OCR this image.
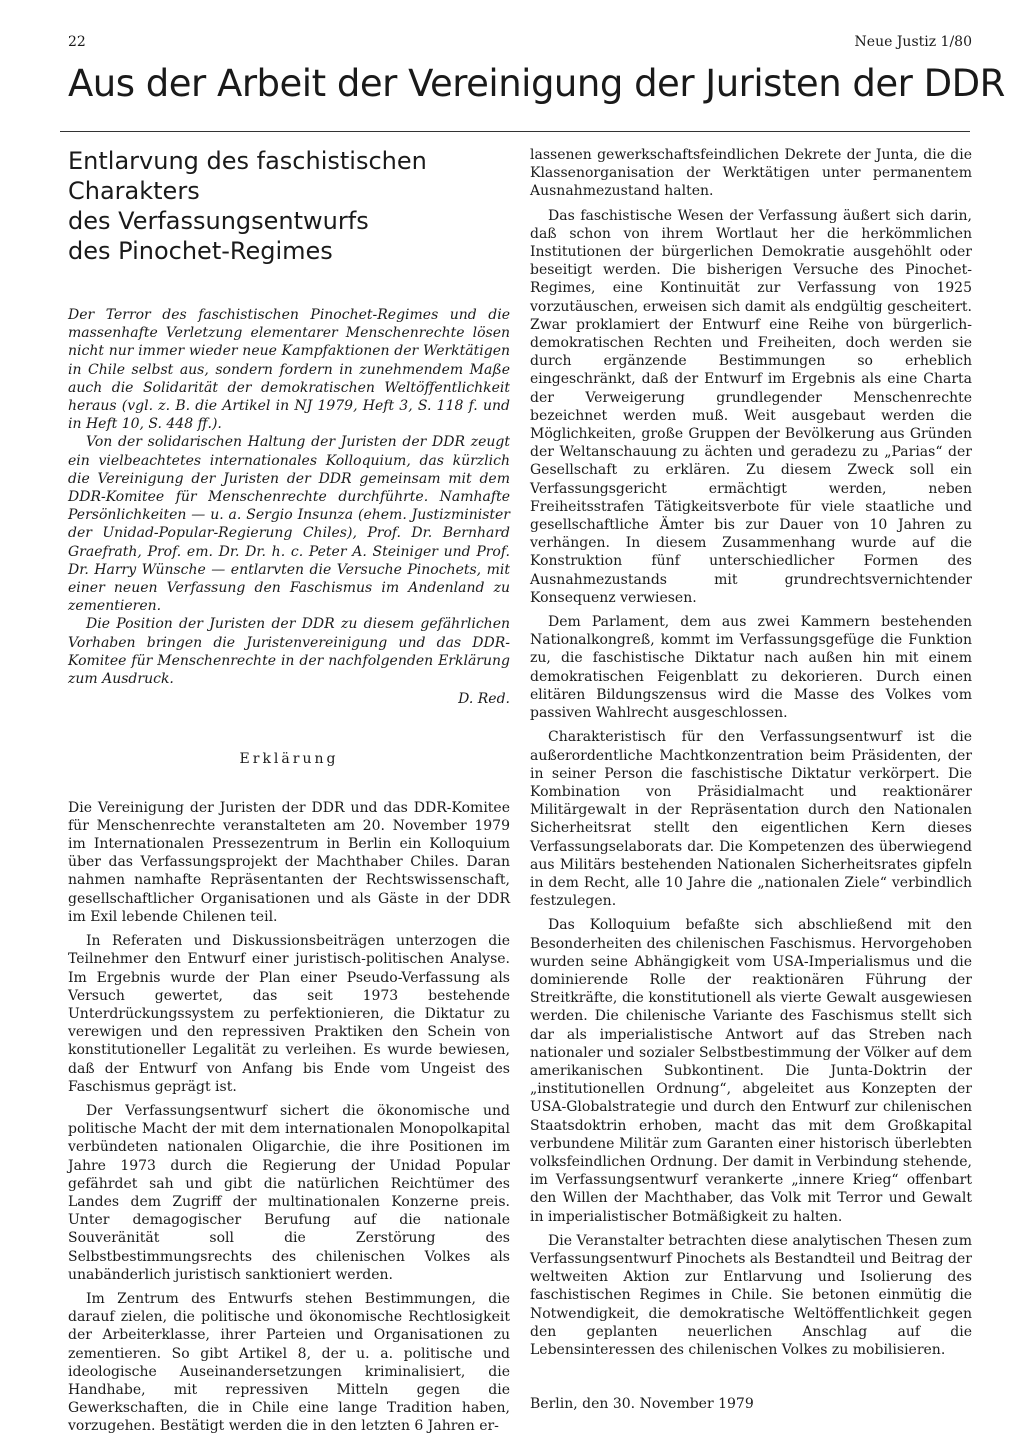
22	Neue Justiz 1/80
Aus der Arbeit der Vereinigung der Juristen der DDR
Entlarvung des faschistischen Charakters
des Verfassungsentwurfs
des Pinochet-Regimes

Der Terror des faschistischen Pinochet-Regimes und die massenhafte Verletzung elementarer Menschenrechte lösen nicht nur immer wieder neue Kampfaktionen der Werktätigen in Chile selbst aus, sondern fordern in zunehmendem Maße auch die Solidarität der demokratischen Weltöffentlichkeit heraus (vgl. z. B. die Artikel in NJ 1979, Heft 3, S. 118 f. und in Heft 10, S. 448 ff.).

Von der solidarischen Haltung der Juristen der DDR zeugt ein vielbeachtetes internationales Kolloquium, das kürzlich die Vereinigung der Juristen der DDR gemeinsam mit dem DDR-Komitee für Menschenrechte durchführte. Namhafte Persönlichkeiten — u. a. Sergio Insunza (ehem. Justizminister der Unidad-Popular-Regierung Chiles), Prof. Dr. Bernhard Graefrath, Prof. em. Dr. Dr. h. c. Peter A. Steiniger und Prof. Dr. Harry Wünsche — entlarvten die Versuche Pinochets, mit einer neuen Verfassung den Faschismus im Andenland zu zementieren.

Die Position der Juristen der DDR zu diesem gefährlichen Vorhaben bringen die Juristenvereinigung und das DDR-Komitee für Menschenrechte in der nachfolgenden Erklärung zum Ausdruck.

D. Red.

Erklärung

Die Vereinigung der Juristen der DDR und das DDR-Komitee für Menschenrechte veranstalteten am 20. November 1979 im Internationalen Pressezentrum in Berlin ein Kolloquium über das Verfassungsprojekt der Machthaber Chiles. Daran nahmen namhafte Repräsentanten der Rechtswissenschaft, gesellschaftlicher Organisationen und als Gäste in der DDR im Exil lebende Chilenen teil.

In Referaten und Diskussionsbeiträgen unterzogen die Teilnehmer den Entwurf einer juristisch-politischen Analyse. Im Ergebnis wurde der Plan einer Pseudo-Verfassung als Versuch gewertet, das seit 1973 bestehende Unterdrückungssystem zu perfektionieren, die Diktatur zu verewigen und den repressiven Praktiken den Schein von konstitutioneller Legalität zu verleihen. Es wurde bewiesen, daß der Entwurf von Anfang bis Ende vom Ungeist des Faschismus geprägt ist.

Der Verfassungsentwurf sichert die ökonomische und politische Macht der mit dem internationalen Monopolkapital verbündeten nationalen Oligarchie, die ihre Positionen im Jahre 1973 durch die Regierung der Unidad Popular gefährdet sah und gibt die natürlichen Reichtümer des Landes dem Zugriff der multinationalen Konzerne preis. Unter demagogischer Berufung auf die nationale Souveränität soll die Zerstörung des Selbstbestimmungsrechts des chilenischen Volkes als unabänderlich juristisch sanktioniert werden.

Im Zentrum des Entwurfs stehen Bestimmungen, die darauf zielen, die politische und ökonomische Rechtlosigkeit der Arbeiterklasse, ihrer Parteien und Organisationen zu zementieren. So gibt Artikel 8, der u. a. politische und ideologische Auseinandersetzungen kriminalisiert, die Handhabe, mit repressiven Mitteln gegen die Gewerkschaften, die in Chile eine lange Tradition haben, vorzugehen. Bestätigt werden die in den letzten 6 Jahren er-

lassenen gewerkschaftsfeindlichen Dekrete der Junta, die die Klassenorganisation der Werktätigen unter permanentem Ausnahmezustand halten.

Das faschistische Wesen der Verfassung äußert sich darin, daß schon von ihrem Wortlaut her die herkömmlichen Institutionen der bürgerlichen Demokratie ausgehöhlt oder beseitigt werden. Die bisherigen Versuche des Pinochet-Regimes, eine Kontinuität zur Verfassung von 1925 vorzutäuschen, erweisen sich damit als endgültig gescheitert. Zwar proklamiert der Entwurf eine Reihe von bürgerlich-demokratischen Rechten und Freiheiten, doch werden sie durch ergänzende Bestimmungen so erheblich eingeschränkt, daß der Entwurf im Ergebnis als eine Charta der Verweigerung grundlegender Menschenrechte bezeichnet werden muß. Weit ausgebaut werden die Möglichkeiten, große Gruppen der Bevölkerung aus Gründen der Weltanschauung zu ächten und geradezu zu „Parias“ der Gesellschaft zu erklären. Zu diesem Zweck soll ein Verfassungsgericht ermächtigt werden, neben Freiheitsstrafen Tätigkeitsverbote für viele staatliche und gesellschaftliche Ämter bis zur Dauer von 10 Jahren zu verhängen. In diesem Zusammenhang wurde auf die Konstruktion fünf unterschiedlicher Formen des Ausnahmezustands mit grundrechtsvernichtender Konsequenz verwiesen.

Dem Parlament, dem aus zwei Kammern bestehenden Nationalkongreß, kommt im Verfassungsgefüge die Funktion zu, die faschistische Diktatur nach außen hin mit einem demokratischen Feigenblatt zu dekorieren. Durch einen elitären Bildungszensus wird die Masse des Volkes vom passiven Wahlrecht ausgeschlossen.

Charakteristisch für den Verfassungsentwurf ist die außerordentliche Machtkonzentration beim Präsidenten, der in seiner Person die faschistische Diktatur verkörpert. Die Kombination von Präsidialmacht und reaktionärer Militärgewalt in der Repräsentation durch den Nationalen Sicherheitsrat stellt den eigentlichen Kern dieses Verfassungselaborats dar. Die Kompetenzen des überwiegend aus Militärs bestehenden Nationalen Sicherheitsrates gipfeln in dem Recht, alle 10 Jahre die „nationalen Ziele“ verbindlich festzulegen.

Das Kolloquium befaßte sich abschließend mit den Besonderheiten des chilenischen Faschismus. Hervorgehoben wurden seine Abhängigkeit vom USA-Imperialismus und die dominierende Rolle der reaktionären Führung der Streitkräfte, die konstitutionell als vierte Gewalt ausgewiesen werden. Die chilenische Variante des Faschismus stellt sich dar als imperialistische Antwort auf das Streben nach nationaler und sozialer Selbstbestimmung der Völker auf dem amerikanischen Subkontinent. Die Junta-Doktrin der „institutionellen Ordnung“, abgeleitet aus Konzepten der USA-Globalstrategie und durch den Entwurf zur chilenischen Staatsdoktrin erhoben, macht das mit dem Großkapital verbundene Militär zum Garanten einer historisch überlebten volksfeindlichen Ordnung. Der damit in Verbindung stehende, im Verfassungsentwurf verankerte „innere Krieg“ offenbart den Willen der Machthaber, das Volk mit Terror und Gewalt in imperialistischer Botmäßigkeit zu halten.

Die Veranstalter betrachten diese analytischen Thesen zum Verfassungsentwurf Pinochets als Bestandteil und Beitrag der weltweiten Aktion zur Entlarvung und Isolierung des faschistischen Regimes in Chile. Sie betonen einmütig die Notwendigkeit, die demokratische Weltöffentlichkeit gegen den geplanten neuerlichen Anschlag auf die Lebensinteressen des chilenischen Volkes zu mobilisieren.

Berlin, den 30. November 1979
